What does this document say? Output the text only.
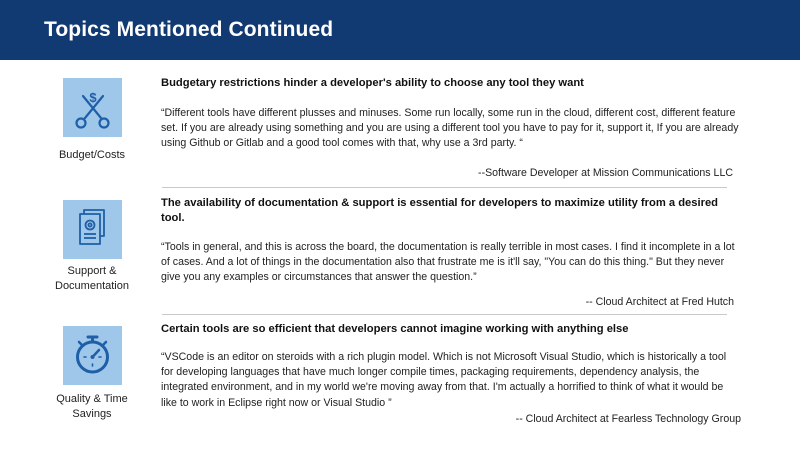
Topics Mentioned Continued
$
Budget/Costs
Budgetary restrictions hinder a developer's ability to choose any tool they want
“Different tools have different plusses and minuses. Some run locally, some run in the cloud, different cost, different feature set. If you are already using something and you are using a different tool you have to pay for it, support it, If you are already using Github or Gitlab and a good tool comes with that, why use a 3rd party. “
--Software Developer at Mission Communications LLC
Support & Documentation
The availability of documentation & support is essential for developers to maximize utility from a desired tool.
“Tools in general, and this is across the board, the documentation is really terrible in most cases. I find it incomplete in a lot of cases. And a lot of things in the documentation also that frustrate me is it'll say, "You can do this thing." But they never give you any examples or circumstances that answer the question.”
-- Cloud Architect at Fred Hutch
Quality & Time Savings
Certain tools are so efficient that developers cannot imagine working with anything else
“VSCode is an editor on steroids with a rich plugin model. Which is not Microsoft Visual Studio, which is historically a tool for developing languages that have much longer compile times, packaging requirements, dependency analysis, the integrated environment, and in my world we're moving away from that. I'm actually a horrified to think of what it would be like to work in Eclipse right now or Visual Studio ”
-- Cloud Architect at Fearless Technology Group
